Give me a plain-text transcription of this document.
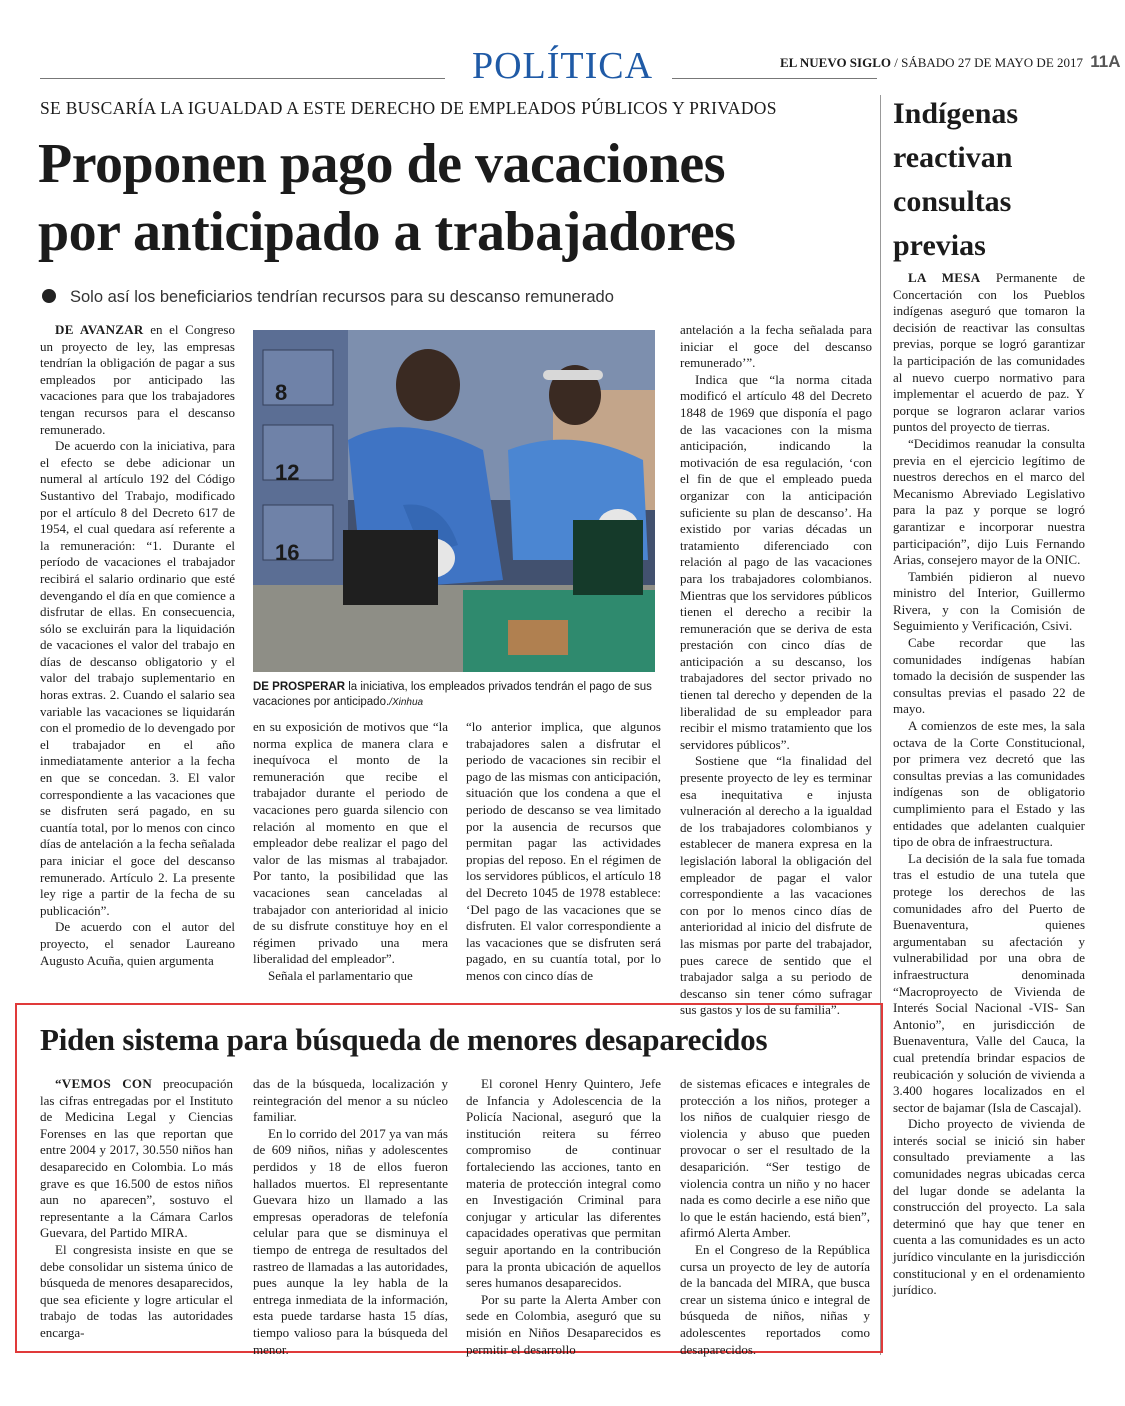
POLÍTICA	EL NUEVO SIGLO / SÁBADO 27 DE MAYO DE 2017 11A
SE BUSCARÍA LA IGUALDAD A ESTE DERECHO DE EMPLEADOS PÚBLICOS Y PRIVADOS
Proponen pago de vacaciones
por anticipado a trabajadores
Solo así los beneficiarios tendrían recursos para su descanso remunerado

DE AVANZAR en el Congreso un proyecto de ley, las empresas tendrían la obligación de pagar a sus empleados por anticipado las vacaciones para que los trabajadores tengan recursos para el descanso remunerado.

De acuerdo con la iniciativa, para el efecto se debe adicionar un numeral al artículo 192 del Código Sustantivo del Trabajo, modificado por el artículo 8 del Decreto 617 de 1954, el cual quedara así referente a la remuneración: “1. Durante el período de vacaciones el trabajador recibirá el salario ordinario que esté devengando el día en que comience a disfrutar de ellas. En consecuencia, sólo se excluirán para la liquidación de vacaciones el valor del trabajo en días de descanso obligatorio y el valor del trabajo suplementario en horas extras. 2. Cuando el salario sea variable las vacaciones se liquidarán con el promedio de lo devengado por el trabajador en el año inmediatamente anterior a la fecha en que se concedan. 3. El valor correspondiente a las vacaciones que se disfruten será pagado, en su cuantía total, por lo menos con cinco días de antelación a la fecha señalada para iniciar el goce del descanso remunerado. Artículo 2. La presente ley rige a partir de la fecha de su publicación”.

De acuerdo con el autor del proyecto, el senador Laureano Augusto Acuña, quien argumenta

8
12
16
DE PROSPERAR la iniciativa, los empleados privados tendrán el pago de sus vacaciones por anticipado./Xinhua

en su exposición de motivos que “la norma explica de manera clara e inequívoca el monto de la remuneración que recibe el trabajador durante el periodo de vacaciones pero guarda silencio con relación al momento en que el empleador debe realizar el pago del valor de las mismas al trabajador. Por tanto, la posibilidad que las vacaciones sean canceladas al trabajador con anterioridad al inicio de su disfrute constituye hoy en el régimen privado una mera liberalidad del empleador”.

Señala el parlamentario que

“lo anterior implica, que algunos trabajadores salen a disfrutar el periodo de vacaciones sin recibir el pago de las mismas con anticipación, situación que los condena a que el periodo de descanso se vea limitado por la ausencia de recursos que permitan pagar las actividades propias del reposo. En el régimen de los servidores públicos, el artículo 18 del Decreto 1045 de 1978 establece: ‘Del pago de las vacaciones que se disfruten. El valor correspondiente a las vacaciones que se disfruten será pagado, en su cuantía total, por lo menos con cinco días de

antelación a la fecha señalada para iniciar el goce del descanso remunerado’”.

Indica que “la norma citada modificó el artículo 48 del Decreto 1848 de 1969 que disponía el pago de las vacaciones con la misma anticipación, indicando la motivación de esa regulación, ‘con el fin de que el empleado pueda organizar con la anticipación suficiente su plan de descanso’. Ha existido por varias décadas un tratamiento diferenciado con relación al pago de las vacaciones para los trabajadores colombianos. Mientras que los servidores públicos tienen el derecho a recibir la remuneración que se deriva de esta prestación con cinco días de anticipación a su descanso, los trabajadores del sector privado no tienen tal derecho y dependen de la liberalidad de su empleador para recibir el mismo tratamiento que los servidores públicos”.

Sostiene que “la finalidad del presente proyecto de ley es terminar esa inequitativa e injusta vulneración al derecho a la igualdad de los trabajadores colombianos y establecer de manera expresa en la legislación laboral la obligación del empleador de pagar el valor correspondiente a las vacaciones con por lo menos cinco días de anterioridad al inicio del disfrute de las mismas por parte del trabajador, pues carece de sentido que el trabajador salga a su periodo de descanso sin tener cómo sufragar sus gastos y los de su familia”.

Indígenas
reactivan
consultas
previas

LA MESA Permanente de Concertación con los Pueblos indígenas aseguró que tomaron la decisión de reactivar las consultas previas, porque se logró garantizar la participación de las comunidades al nuevo cuerpo normativo para implementar el acuerdo de paz. Y porque se lograron aclarar varios puntos del proyecto de tierras.

“Decidimos reanudar la consulta previa en el ejercicio legítimo de nuestros derechos en el marco del Mecanismo Abreviado Legislativo para la paz y porque se logró garantizar e incorporar nuestra participación”, dijo Luis Fernando Arias, consejero mayor de la ONIC.

También pidieron al nuevo ministro del Interior, Guillermo Rivera, y con la Comisión de Seguimiento y Verificación, Csivi.

Cabe recordar que las comunidades indígenas habían tomado la decisión de suspender las consultas previas el pasado 22 de mayo.

A comienzos de este mes, la sala octava de la Corte Constitucional, por primera vez decretó que las consultas previas a las comunidades indígenas son de obligatorio cumplimiento para el Estado y las entidades que adelanten cualquier tipo de obra de infraestructura.

La decisión de la sala fue tomada tras el estudio de una tutela que protege los derechos de las comunidades afro del Puerto de Buenaventura, quienes argumentaban su afectación y vulnerabilidad por una obra de infraestructura denominada “Macroproyecto de Vivienda de Interés Social Nacional -VIS- San Antonio”, en jurisdicción de Buenaventura, Valle del Cauca, la cual pretendía brindar espacios de reubicación y solución de vivienda a 3.400 hogares localizados en el sector de bajamar (Isla de Cascajal).

Dicho proyecto de vivienda de interés social se inició sin haber consultado previamente a las comunidades negras ubicadas cerca del lugar donde se adelanta la construcción del proyecto. La sala determinó que hay que tener en cuenta a las comunidades es un acto jurídico vinculante en la jurisdicción constitucional y en el ordenamiento jurídico.

Piden sistema para búsqueda de menores desaparecidos

“VEMOS CON preocupación las cifras entregadas por el Instituto de Medicina Legal y Ciencias Forenses en las que reportan que entre 2004 y 2017, 30.550 niños han desaparecido en Colombia. Lo más grave es que 16.500 de estos niños aun no aparecen”, sostuvo el representante a la Cámara Carlos Guevara, del Partido MIRA.

El congresista insiste en que se debe consolidar un sistema único de búsqueda de menores desaparecidos, que sea eficiente y logre articular el trabajo de todas las autoridades encarga-

das de la búsqueda, localización y reintegración del menor a su núcleo familiar.

En lo corrido del 2017 ya van más de 609 niños, niñas y adolescentes perdidos y 18 de ellos fueron hallados muertos. El representante Guevara hizo un llamado a las empresas operadoras de telefonía celular para que se disminuya el tiempo de entrega de resultados del rastreo de llamadas a las autoridades, pues aunque la ley habla de la entrega inmediata de la información, esta puede tardarse hasta 15 días, tiempo valioso para la búsqueda del menor.

El coronel Henry Quintero, Jefe de Infancia y Adolescencia de la Policía Nacional, aseguró que la institución reitera su férreo compromiso de continuar fortaleciendo las acciones, tanto en materia de protección integral como en Investigación Criminal para conjugar y articular las diferentes capacidades operativas que permitan seguir aportando en la contribución para la pronta ubicación de aquellos seres humanos desaparecidos.

Por su parte la Alerta Amber con sede en Colombia, aseguró que su misión en Niños Desaparecidos es permitir el desarrollo

de sistemas eficaces e integrales de protección a los niños, proteger a los niños de cualquier riesgo de violencia y abuso que pueden provocar o ser el resultado de la desaparición. “Ser testigo de violencia contra un niño y no hacer nada es como decirle a ese niño que lo que le están haciendo, está bien”, afirmó Alerta Amber.

En el Congreso de la República cursa un proyecto de ley de autoría de la bancada del MIRA, que busca crear un sistema único e integral de búsqueda de niños, niñas y adolescentes reportados como desaparecidos.
